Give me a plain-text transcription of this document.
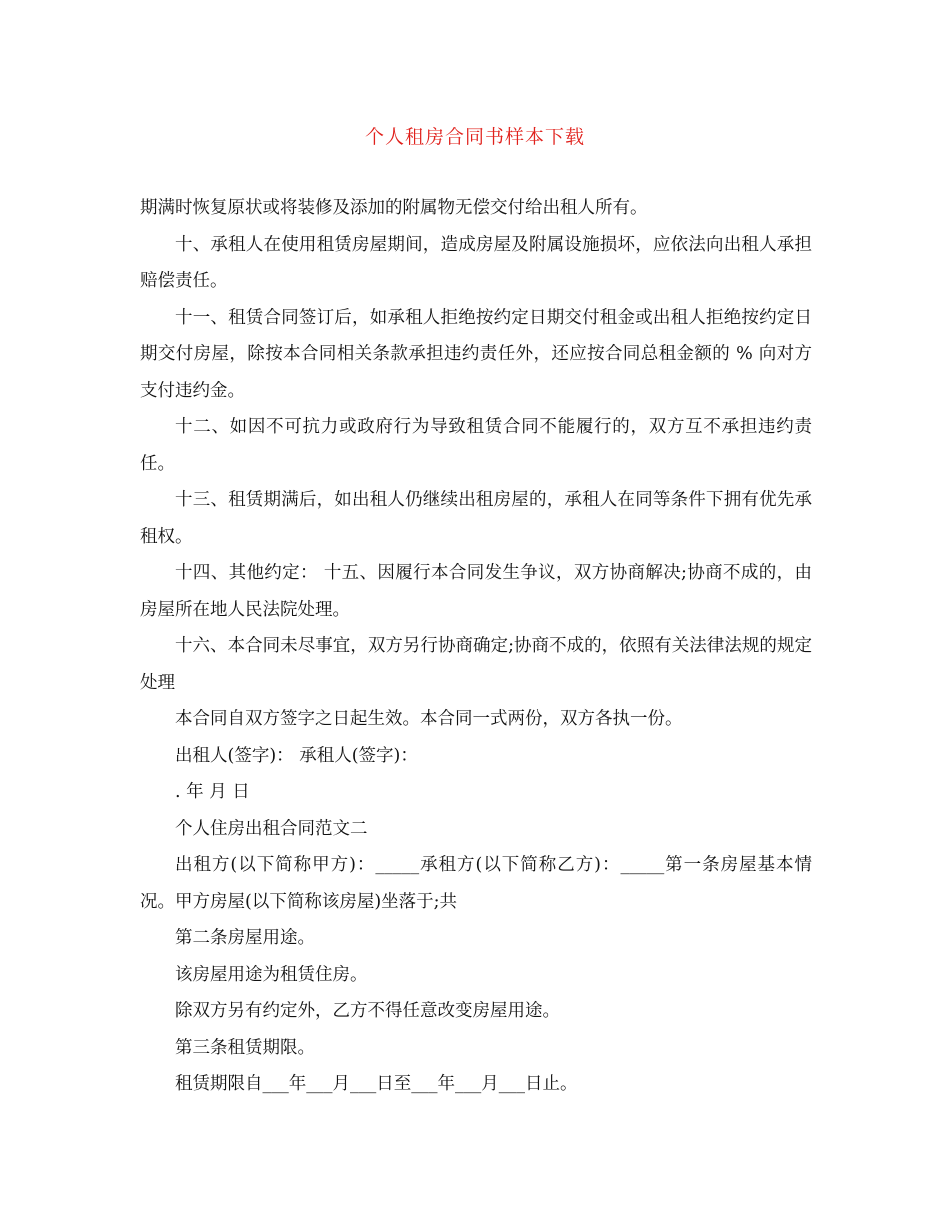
个人租房合同书样本下载

期满时恢复原状或将装修及添加的附属物无偿交付给出租人所有。

十、承租人在使用租赁房屋期间，造成房屋及附属设施损坏，应依法向出租人承担赔偿责任。

十一、租赁合同签订后，如承租人拒绝按约定日期交付租金或出租人拒绝按约定日期交付房屋，除按本合同相关条款承担违约责任外，还应按合同总租金额的 % 向对方支付违约金。

十二、如因不可抗力或政府行为导致租赁合同不能履行的，双方互不承担违约责任。

十三、租赁期满后，如出租人仍继续出租房屋的，承租人在同等条件下拥有优先承租权。

十四、其他约定： 十五、因履行本合同发生争议，双方协商解决;协商不成的，由房屋所在地人民法院处理。

十六、本合同未尽事宜，双方另行协商确定;协商不成的，依照有关法律法规的规定处理

本合同自双方签字之日起生效。本合同一式两份，双方各执一份。

出租人(签字)： 承租人(签字)：

. 年 月 日

个人住房出租合同范文二

出租方(以下简称甲方)：_____承租方(以下简称乙方)：_____第一条房屋基本情况。甲方房屋(以下简称该房屋)坐落于;共

第二条房屋用途。

该房屋用途为租赁住房。

除双方另有约定外，乙方不得任意改变房屋用途。

第三条租赁期限。

租赁期限自___年___月___日至___年___月___日止。
